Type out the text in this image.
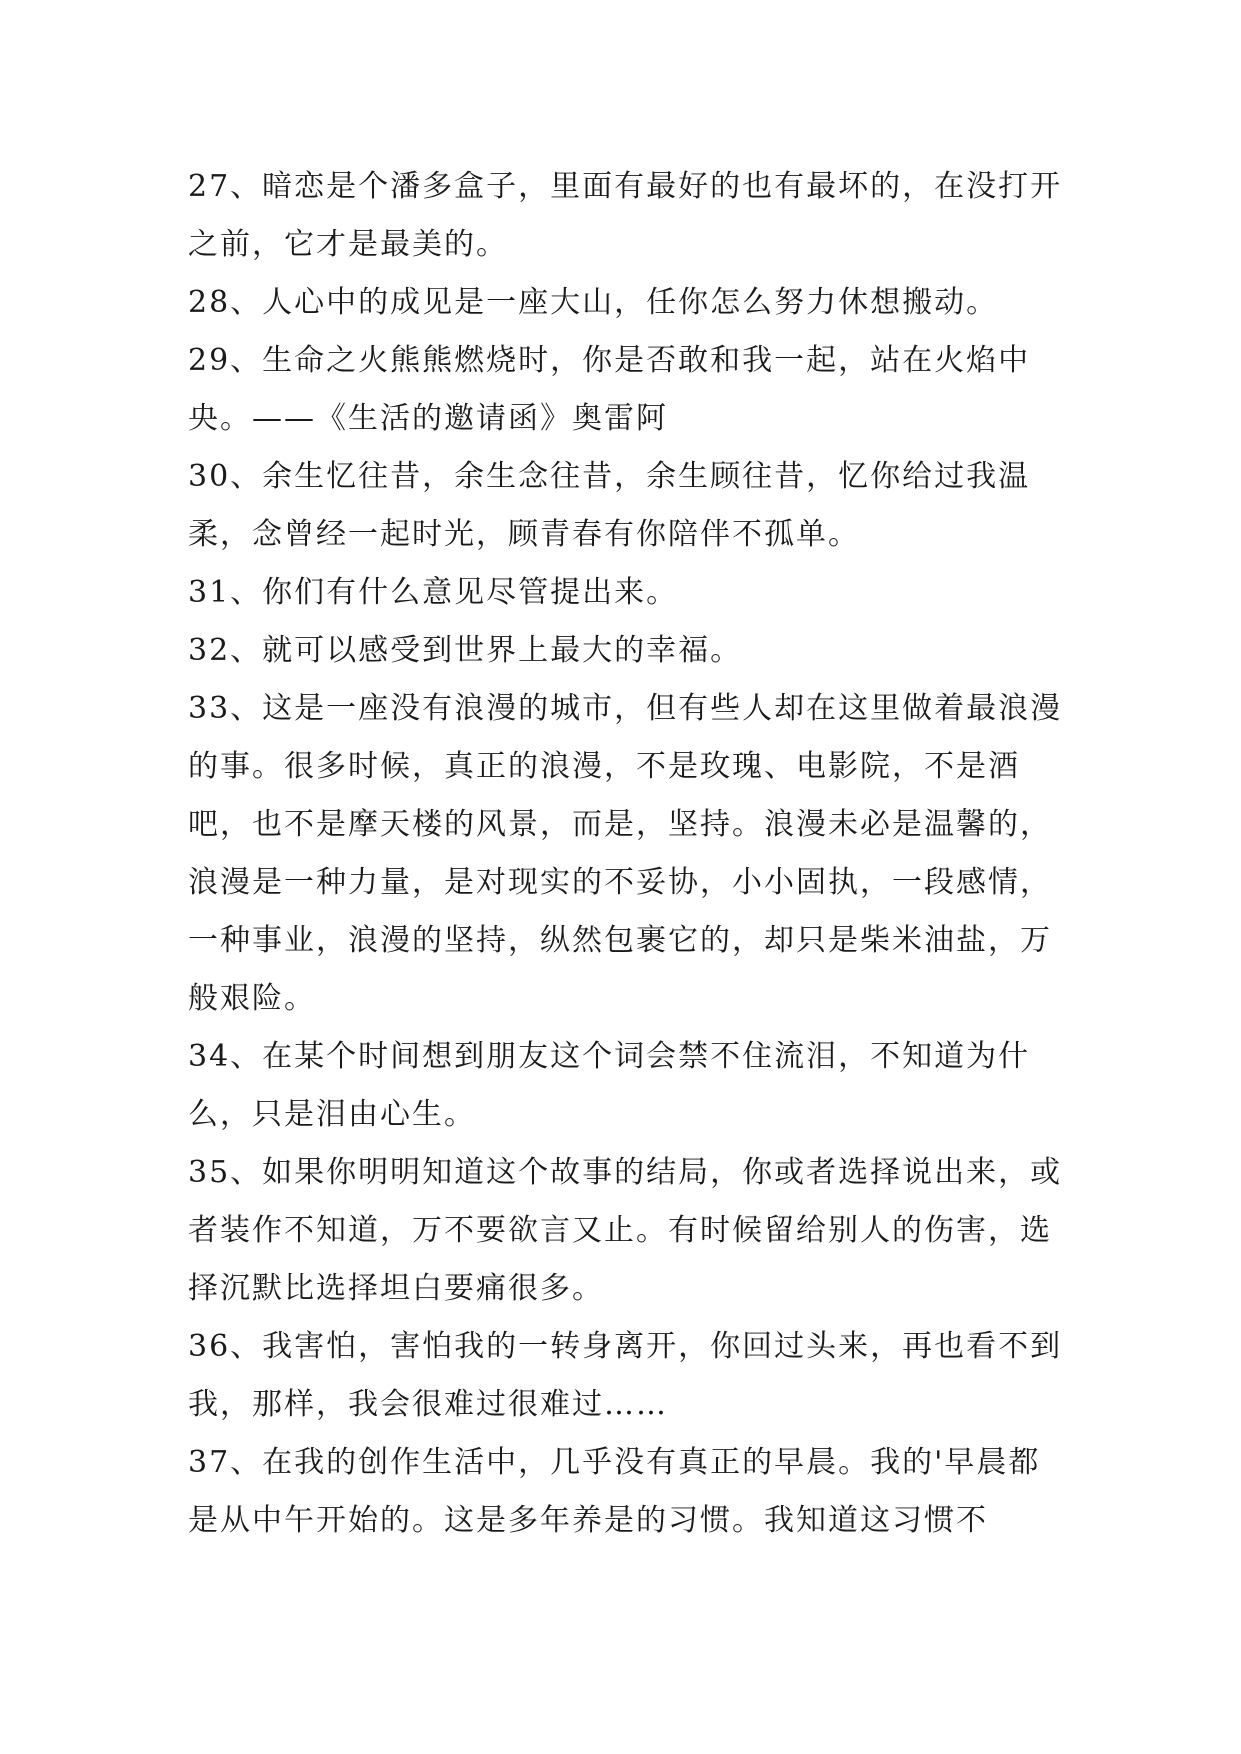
27、暗恋是个潘多盒子，里面有最好的也有最坏的，在没打开之前，它才是最美的。

28、人心中的成见是一座大山，任你怎么努力休想搬动。

29、生命之火熊熊燃烧时，你是否敢和我一起，站在火焰中央。——《生活的邀请函》奥雷阿

30、余生忆往昔，余生念往昔，余生顾往昔，忆你给过我温柔，念曾经一起时光，顾青春有你陪伴不孤单。

31、你们有什么意见尽管提出来。

32、就可以感受到世界上最大的幸福。

33、这是一座没有浪漫的城市，但有些人却在这里做着最浪漫的事。很多时候，真正的浪漫，不是玫瑰、电影院，不是酒吧，也不是摩天楼的风景，而是，坚持。浪漫未必是温馨的，浪漫是一种力量，是对现实的不妥协，小小固执，一段感情，一种事业，浪漫的坚持，纵然包裹它的，却只是柴米油盐，万般艰险。

34、在某个时间想到朋友这个词会禁不住流泪，不知道为什么，只是泪由心生。

35、如果你明明知道这个故事的结局，你或者选择说出来，或者装作不知道，万不要欲言又止。有时候留给别人的伤害，选择沉默比选择坦白要痛很多。

36、我害怕，害怕我的一转身离开，你回过头来，再也看不到我，那样，我会很难过很难过……

37、在我的创作生活中，几乎没有真正的早晨。我的'早晨都是从中午开始的。这是多年养是的习惯。我知道这习惯不
